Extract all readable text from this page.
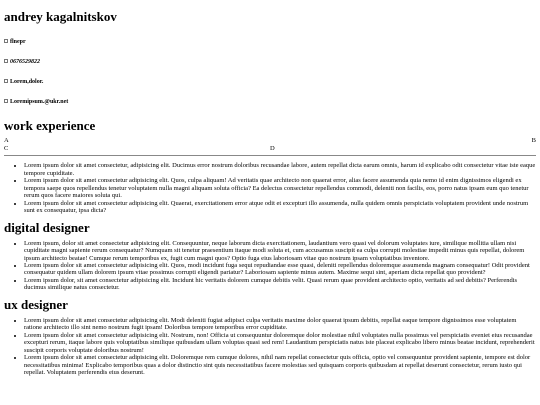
andrey kagalnitskov
flnepr
0676529822
Lorem,dolor.
Loremipsum.@ukr.net
work experience
A	B
C	D
• Lorem ipsum dolor sit amet consectetur, adipisicing elit. Ducimus error nostrum doloribus recusandae labore, autem repellat dicta earum omnis, harum id explicabo odit consectetur vitae iste eaque tempore cupiditate.
• Lorem ipsum dolor sit amet consectetur adipisicing elit. Quos, culpa aliquam! Ad veritatis quae architecto non quaerat error, alias facere assumenda quia nemo id enim dignissimos eligendi ex tempora saepe quos repellendus tenetur voluptatem nulla magni aliquam soluta officia? Ea delectus consectetur repellendus commodi, deleniti non facilis, eos, porro natus ipsam eum quo tenetur rerum quos facere maiores soluta qui.
• Lorem ipsum dolor sit amet consectetur adipisicing elit. Quaerat, exercitationem error atque odit et excepturi illo assumenda, nulla quidem omnis perspiciatis voluptatem provident unde nostrum sunt ex consequatur, ipsa dicta?
digital designer
• Lorem ipsum, dolor sit amet consectetur adipisicing elit. Consequuntur, neque laborum dicta exercitationem, laudantium vero quasi vel dolorum voluptates iure, similique mollitia ullam nisi cupiditate magni sapiente rerum consequatur? Numquam sit tenetur praesentium itaque modi soluta et, cum accusamus suscipit ea culpa corrupti molestiae impedit minus quis repellat, dolorem ipsum architecto beatae! Cumque rerum temporibus ex, fugit cum magni quos? Optio fuga eius laboriosam vitae quo nostrum ipsam voluptatibus inventore.
• Lorem ipsum dolor sit amet consectetur adipisicing elit. Quos, modi incidunt fuga sequi repudiandae esse quasi, deleniti repellendus doloremque assumenda magnam consequatur! Odit provident consequatur quidem ullam dolorem ipsum vitae possimus corrupti eligendi pariatur? Laboriosam sapiente minus autem. Maxime sequi sint, aperiam dicta repellat quo provident?
• Lorem ipsum dolor, sit amet consectetur adipisicing elit. Incidunt hic veritatis dolorem cumque debitis velit. Quasi rerum quae provident architecto optio, veritatis ad sed debitis? Perferendis ducimus similique natus consectetur.
ux designer
• Lorem ipsum dolor sit amet consectetur adipisicing elit. Modi deleniti fugiat adipisci culpa veritatis maxime dolor quaerat ipsum debitis, repellat eaque tempore dignissimos esse voluptatem ratione architecto illo sint nemo nostrum fugit ipsam! Doloribus tempore temporibus error cupiditate.
• Lorem ipsum dolor sit amet consectetur adipisicing elit. Nostrum, non! Officia ut consequuntur doloremque dolor molestiae nihil voluptates nulla possimus vel perspiciatis eveniet eius recusandae excepturi rerum, itaque labore quis voluptatibus similique quibusdam ullam voluptas quasi sed rem! Laudantium perspiciatis natus iste placeat explicabo libero minus beatae incidunt, reprehenderit suscipit corporis voluptate doloribus nostrum!
• Lorem ipsum dolor sit amet consectetur adipisicing elit. Doloremque rem cumque dolores, nihil nam repellat consectetur quis officia, optio vel consequuntur provident sapiente, tempore est dolor necessitatibus minima! Explicabo temporibus quas a dolor distinctio sint quis necessitatibus facere molestias sed quisquam corporis quibusdam at repellat deserunt consectetur, rerum iusto qui repellat. Voluptatem perferendis eius deserunt.
